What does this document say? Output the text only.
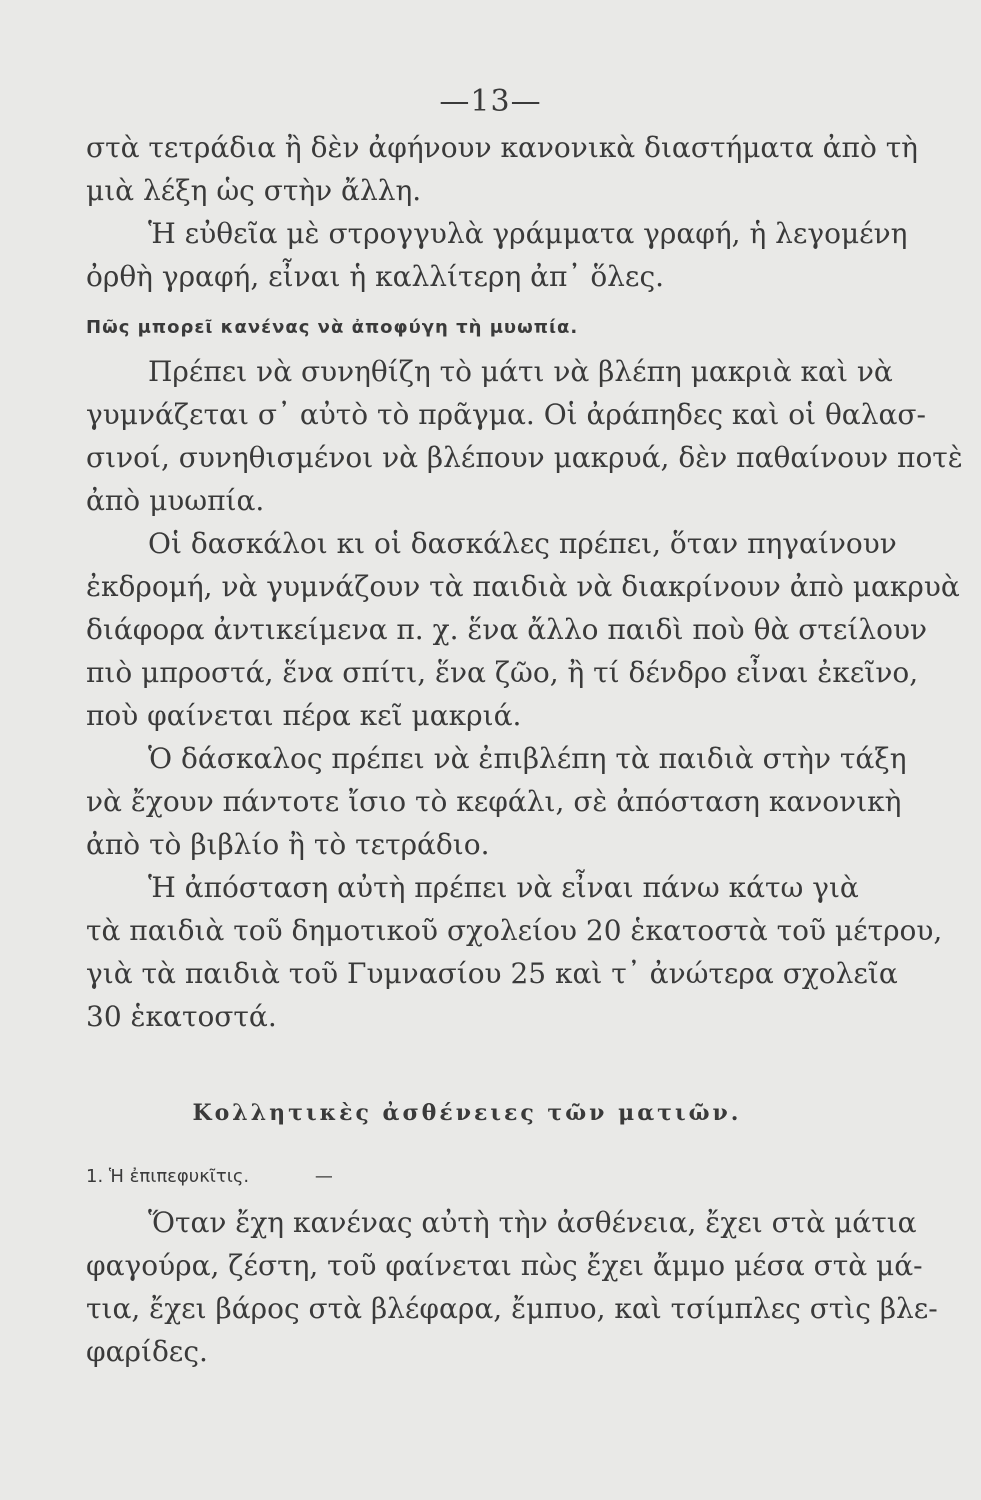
—13—
στὰ τετράδια ἢ δὲν ἀφήνουν κανονικὰ διαστήματα ἀπὸ τὴ
μιὰ λέξη ὡς στὴν ἄλλη.
Ἡ εὐθεῖα μὲ στρογγυλὰ γράμματα γραφή, ἡ λεγομένη
ὀρθὴ γραφή, εἶναι ἡ καλλίτερη ἀπ᾽ ὅλες.
Πῶς μπορεῖ κανένας νὰ ἀποφύγη τὴ μυωπία.
Πρέπει νὰ συνηθίζη τὸ μάτι νὰ βλέπη μακριὰ καὶ νὰ
γυμνάζεται σ᾽ αὐτὸ τὸ πρᾶγμα. Οἱ ἀράπηδες καὶ οἱ θαλασ-
σινοί, συνηθισμένοι νὰ βλέπουν μακρυά, δὲν παθαίνουν ποτὲ
ἀπὸ μυωπία.
Οἱ δασκάλοι κι οἱ δασκάλες πρέπει, ὅταν πηγαίνουν
ἐκδρομή, νὰ γυμνάζουν τὰ παιδιὰ νὰ διακρίνουν ἀπὸ μακρυὰ
διάφορα ἀντικείμενα π. χ. ἕνα ἄλλο παιδὶ ποὺ θὰ στείλουν
πιὸ μπροστά, ἕνα σπίτι, ἕνα ζῶο, ἢ τί δένδρο εἶναι ἐκεῖνο,
ποὺ φαίνεται πέρα κεῖ μακριά.
Ὁ δάσκαλος πρέπει νὰ ἐπιβλέπη τὰ παιδιὰ στὴν τάξη
νὰ ἔχουν πάντοτε ἴσιο τὸ κεφάλι, σὲ ἀπόσταση κανονικὴ
ἀπὸ τὸ βιβλίο ἢ τὸ τετράδιο.
Ἡ ἀπόσταση αὐτὴ πρέπει νὰ εἶναι πάνω κάτω γιὰ
τὰ παιδιὰ τοῦ δημοτικοῦ σχολείου 20 ἑκατοστὰ τοῦ μέτρου,
γιὰ τὰ παιδιὰ τοῦ Γυμνασίου 25 καὶ τ᾽ ἀνώτερα σχολεῖα
30 ἑκατοστά.
Κολλητικὲς ἀσθένειες τῶν ματιῶν.
1. Ἡ ἐπιπεφυκῖτις.	—
Ὅταν ἔχη κανένας αὐτὴ τὴν ἀσθένεια, ἔχει στὰ μάτια
φαγούρα, ζέστη, τοῦ φαίνεται πὼς ἔχει ἄμμο μέσα στὰ μά-
τια, ἔχει βάρος στὰ βλέφαρα, ἔμπυο, καὶ τσίμπλες στὶς βλε-
φαρίδες.
